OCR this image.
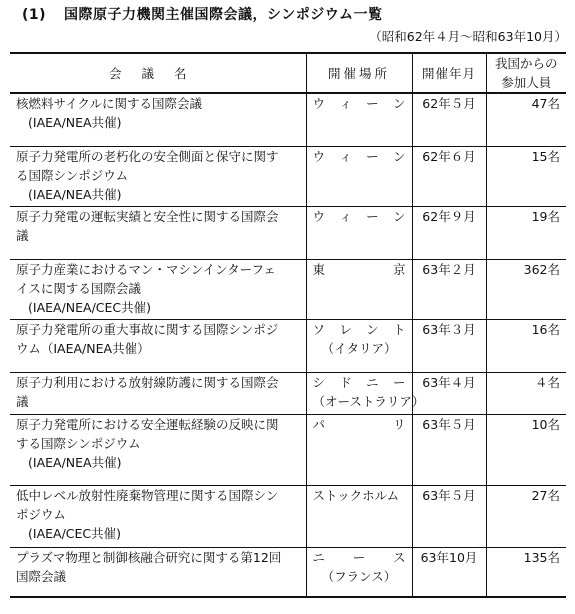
(1) 国際原子力機関主催国際会議，シンポジウム一覧
（昭和62年４月〜昭和63年10月）
会議名	開催場所	開催年月	我国からの
参加人員

核燃料サイクルに関する国際会議
(IAEA/NEA共催)	ウ ィ ー ン	62年５月	47名

原子力発電所の老朽化の安全側面と保守に関す
る国際シンポジウム
(IAEA/NEA共催)	ウ ィ ー ン	62年６月	15名

原子力発電の運転実績と安全性に関する国際会
議	ウ ィ ー ン	62年９月	19名

原子力産業におけるマン・マシンインターフェ
イスに関する国際会議
(IAEA/NEA/CEC共催)	東 京	63年２月	362名

原子力発電所の重大事故に関する国際シンポジ
ウム（IAEA/NEA共催）	ソ レ ン ト
（イタリア）	63年３月	16名

原子力利用における放射線防護に関する国際会
議	シ ド ニ ー
（オーストラリア）	63年４月	４名

原子力発電所における安全運転経験の反映に関
する国際シンポジウム
(IAEA/NEA共催)	パ リ	63年５月	10名

低中レベル放射性廃棄物管理に関する国際シン
ポジウム
(IAEA/CEC共催)	ストックホルム	63年５月	27名

プラズマ物理と制御核融合研究に関する第12回
国際会議	ニ ー ス
（フランス）	63年10月	135名
